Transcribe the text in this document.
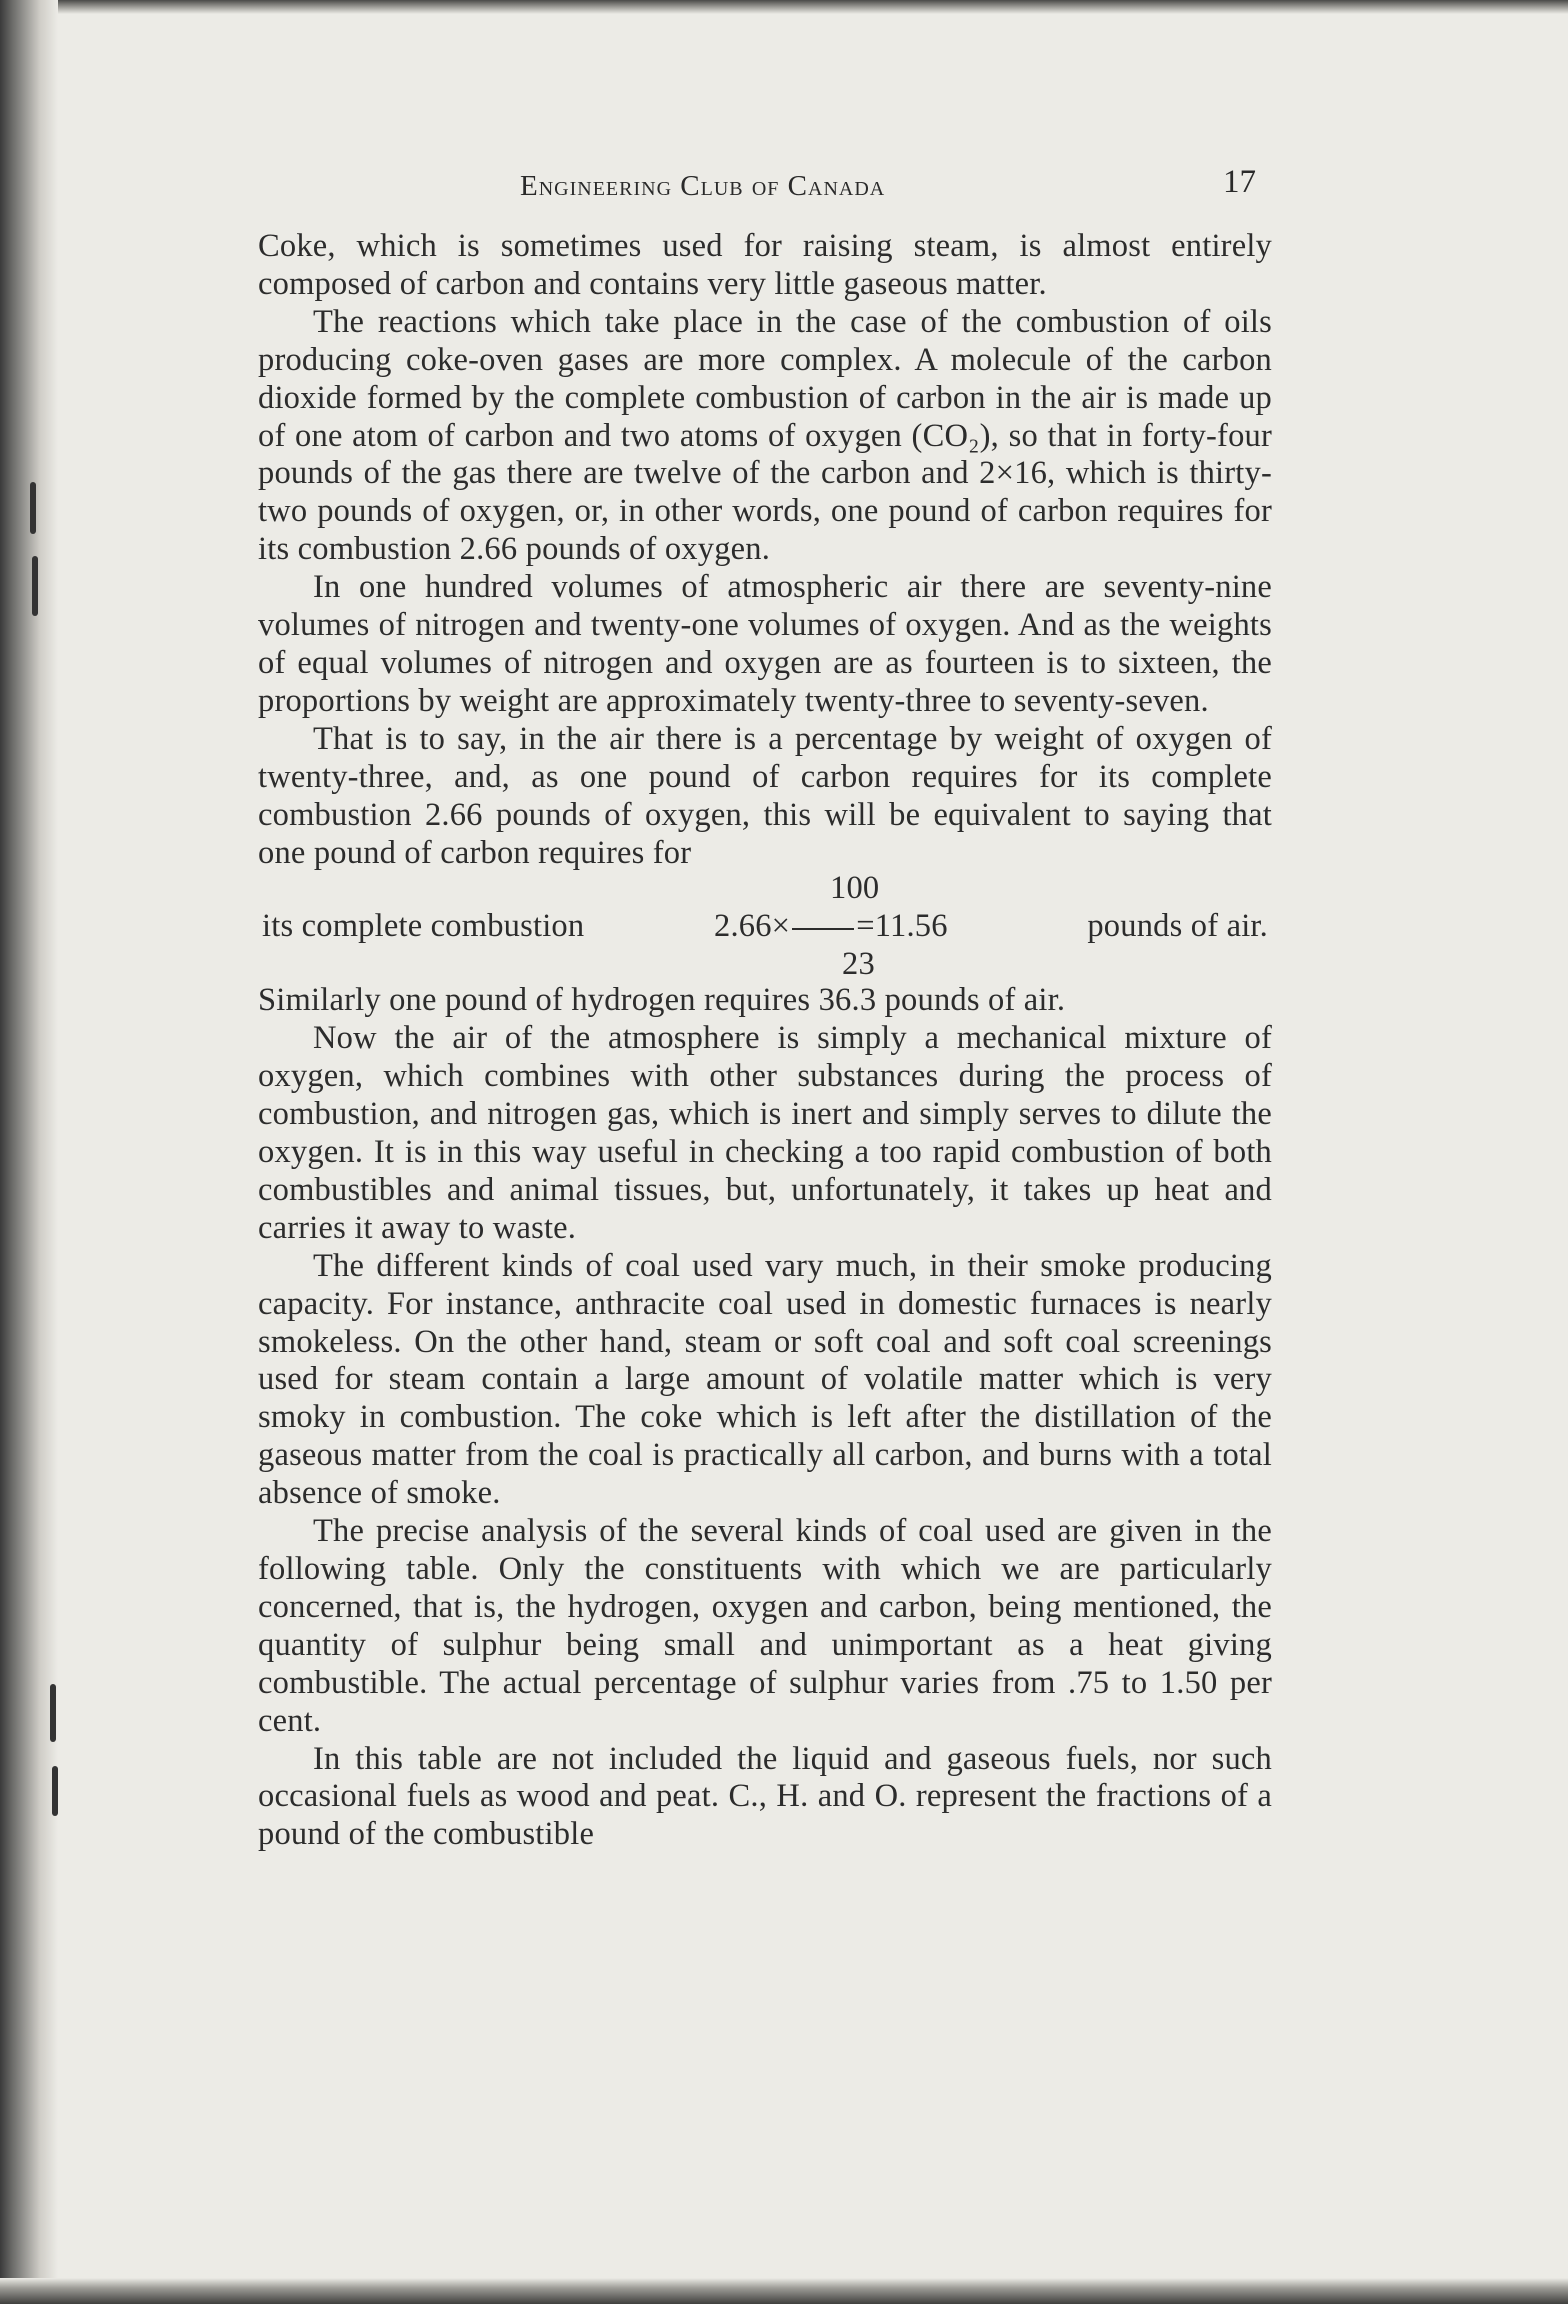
Engineering Club of Canada	17

Coke, which is sometimes used for raising steam, is almost entirely composed of carbon and contains very little gaseous matter.

The reactions which take place in the case of the combustion of oils producing coke-oven gases are more complex. A molecule of the carbon dioxide formed by the complete combustion of carbon in the air is made up of one atom of carbon and two atoms of oxygen (CO₂), so that in forty-four pounds of the gas there are twelve of the carbon and 2×16, which is thirty-two pounds of oxygen, or, in other words, one pound of carbon requires for its combustion 2.66 pounds of oxygen.

In one hundred volumes of atmospheric air there are seventy-nine volumes of nitrogen and twenty-one volumes of oxygen. And as the weights of equal volumes of nitrogen and oxygen are as fourteen is to sixteen, the proportions by weight are approximately twenty-three to seventy-seven.

That is to say, in the air there is a percentage by weight of oxygen of twenty-three, and, as one pound of carbon requires for its complete combustion 2.66 pounds of oxygen, this will be equivalent to saying that one pound of carbon requires for

its complete combustion
100
2.66× =11.56
23
pounds of air.

Similarly one pound of hydrogen requires 36.3 pounds of air.

Now the air of the atmosphere is simply a mechanical mixture of oxygen, which combines with other substances during the process of combustion, and nitrogen gas, which is inert and simply serves to dilute the oxygen. It is in this way useful in checking a too rapid combustion of both combustibles and animal tissues, but, unfortunately, it takes up heat and carries it away to waste.

The different kinds of coal used vary much, in their smoke producing capacity. For instance, anthracite coal used in domestic furnaces is nearly smokeless. On the other hand, steam or soft coal and soft coal screenings used for steam contain a large amount of volatile matter which is very smoky in combustion. The coke which is left after the distillation of the gaseous matter from the coal is practically all carbon, and burns with a total absence of smoke.

The precise analysis of the several kinds of coal used are given in the following table. Only the constituents with which we are particularly concerned, that is, the hydrogen, oxygen and carbon, being mentioned, the quantity of sulphur being small and unimportant as a heat giving combustible. The actual percentage of sulphur varies from .75 to 1.50 per cent.

In this table are not included the liquid and gaseous fuels, nor such occasional fuels as wood and peat. C., H. and O. represent the fractions of a pound of the combustible
